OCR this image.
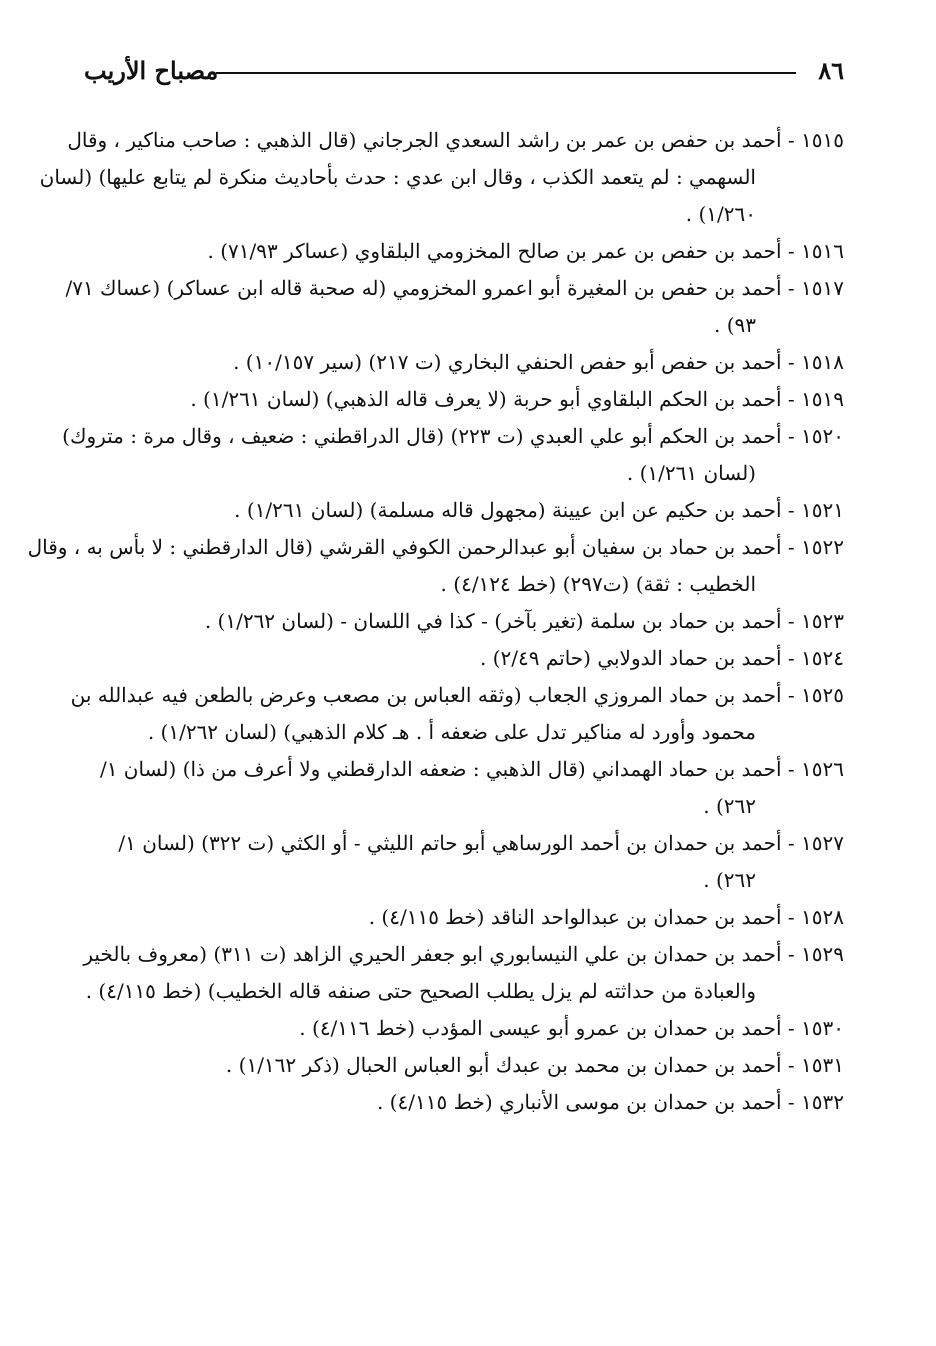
٨٦
مصباح الأريب
١٥١٥ - أحمد بن حفص بن عمر بن راشد السعدي الجرجاني (قال الذهبي : صاحب مناكير ، وقال
السهمي : لم يتعمد الكذب ، وقال ابن عدي : حدث بأحاديث منكرة لم يتابع عليها) (لسان
١/٢٦٠) .
١٥١٦ - أحمد بن حفص بن عمر بن صالح المخزومي البلقاوي (عساكر ٧١/٩٣) .
١٥١٧ - أحمد بن حفص بن المغيرة أبو اعمرو المخزومي (له صحبة قاله ابن عساكر) (عساك ٧١/
٩٣) .
١٥١٨ - أحمد بن حفص أبو حفص الحنفي البخاري (ت ٢١٧) (سير ١٠/١٥٧) .
١٥١٩ - أحمد بن الحكم البلقاوي أبو حربة (لا يعرف قاله الذهبي) (لسان ١/٢٦١) .
١٥٢٠ - أحمد بن الحكم أبو علي العبدي (ت ٢٢٣) (قال الدراقطني : ضعيف ، وقال مرة : متروك)
(لسان ١/٢٦١) .
١٥٢١ - أحمد بن حكيم عن ابن عيينة (مجهول قاله مسلمة) (لسان ١/٢٦١) .
١٥٢٢ - أحمد بن حماد بن سفيان أبو عبدالرحمن الكوفي القرشي (قال الدارقطني : لا بأس به ، وقال
الخطيب : ثقة) (ت٢٩٧) (خط ٤/١٢٤) .
١٥٢٣ - أحمد بن حماد بن سلمة (تغير بآخر) - كذا في اللسان - (لسان ١/٢٦٢) .
١٥٢٤ - أحمد بن حماد الدولابي (حاتم ٢/٤٩) .
١٥٢٥ - أحمد بن حماد المروزي الجعاب (وثقه العباس بن مصعب وعرض بالطعن فيه عبدالله بن
محمود وأورد له مناكير تدل على ضعفه أ . هـ كلام الذهبي) (لسان ١/٢٦٢) .
١٥٢٦ - أحمد بن حماد الهمداني (قال الذهبي : ضعفه الدارقطني ولا أعرف من ذا) (لسان ١/
٢٦٢) .
١٥٢٧ - أحمد بن حمدان بن أحمد الورساهي أبو حاتم الليثي - أو الكثي (ت ٣٢٢) (لسان ١/
٢٦٢) .
١٥٢٨ - أحمد بن حمدان بن عبدالواحد الناقد (خط ٤/١١٥) .
١٥٢٩ - أحمد بن حمدان بن علي النيسابوري ابو جعفر الحيري الزاهد (ت ٣١١) (معروف بالخير
والعبادة من حداثته لم يزل يطلب الصحيح حتى صنفه قاله الخطيب) (خط ٤/١١٥) .
١٥٣٠ - أحمد بن حمدان بن عمرو أبو عيسى المؤدب (خط ٤/١١٦) .
١٥٣١ - أحمد بن حمدان بن محمد بن عبدك أبو العباس الحبال (ذكر ١/١٦٢) .
١٥٣٢ - أحمد بن حمدان بن موسى الأنباري (خط ٤/١١٥) .
